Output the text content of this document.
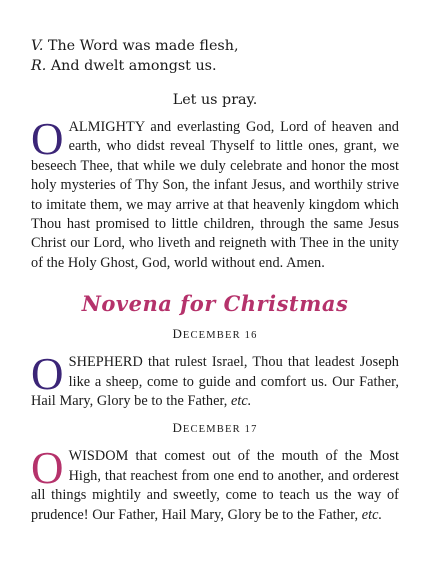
V. The Word was made flesh,

R. And dwelt amongst us.

Let us pray.

OALMIGHTY and everlasting God, Lord of heaven and earth, who didst reveal Thyself to little ones, grant, we beseech Thee, that while we duly celebrate and honor the most holy mysteries of Thy Son, the infant Jesus, and worthily strive to imitate them, we may arrive at that heavenly kingdom which Thou hast promised to little children, through the same Jesus Christ our Lord, who liveth and reigneth with Thee in the unity of the Holy Ghost, God, world without end. Amen.

Novena for Christmas
DECEMBER 16

OSHEPHERD that rulest Israel, Thou that leadest Joseph like a sheep, come to guide and comfort us. Our Father, Hail Mary, Glory be to the Father, etc.

DECEMBER 17

OWISDOM that comest out of the mouth of the Most High, that reachest from one end to another, and orderest all things mightily and sweetly, come to teach us the way of prudence! Our Father, Hail Mary, Glory be to the Father, etc.
